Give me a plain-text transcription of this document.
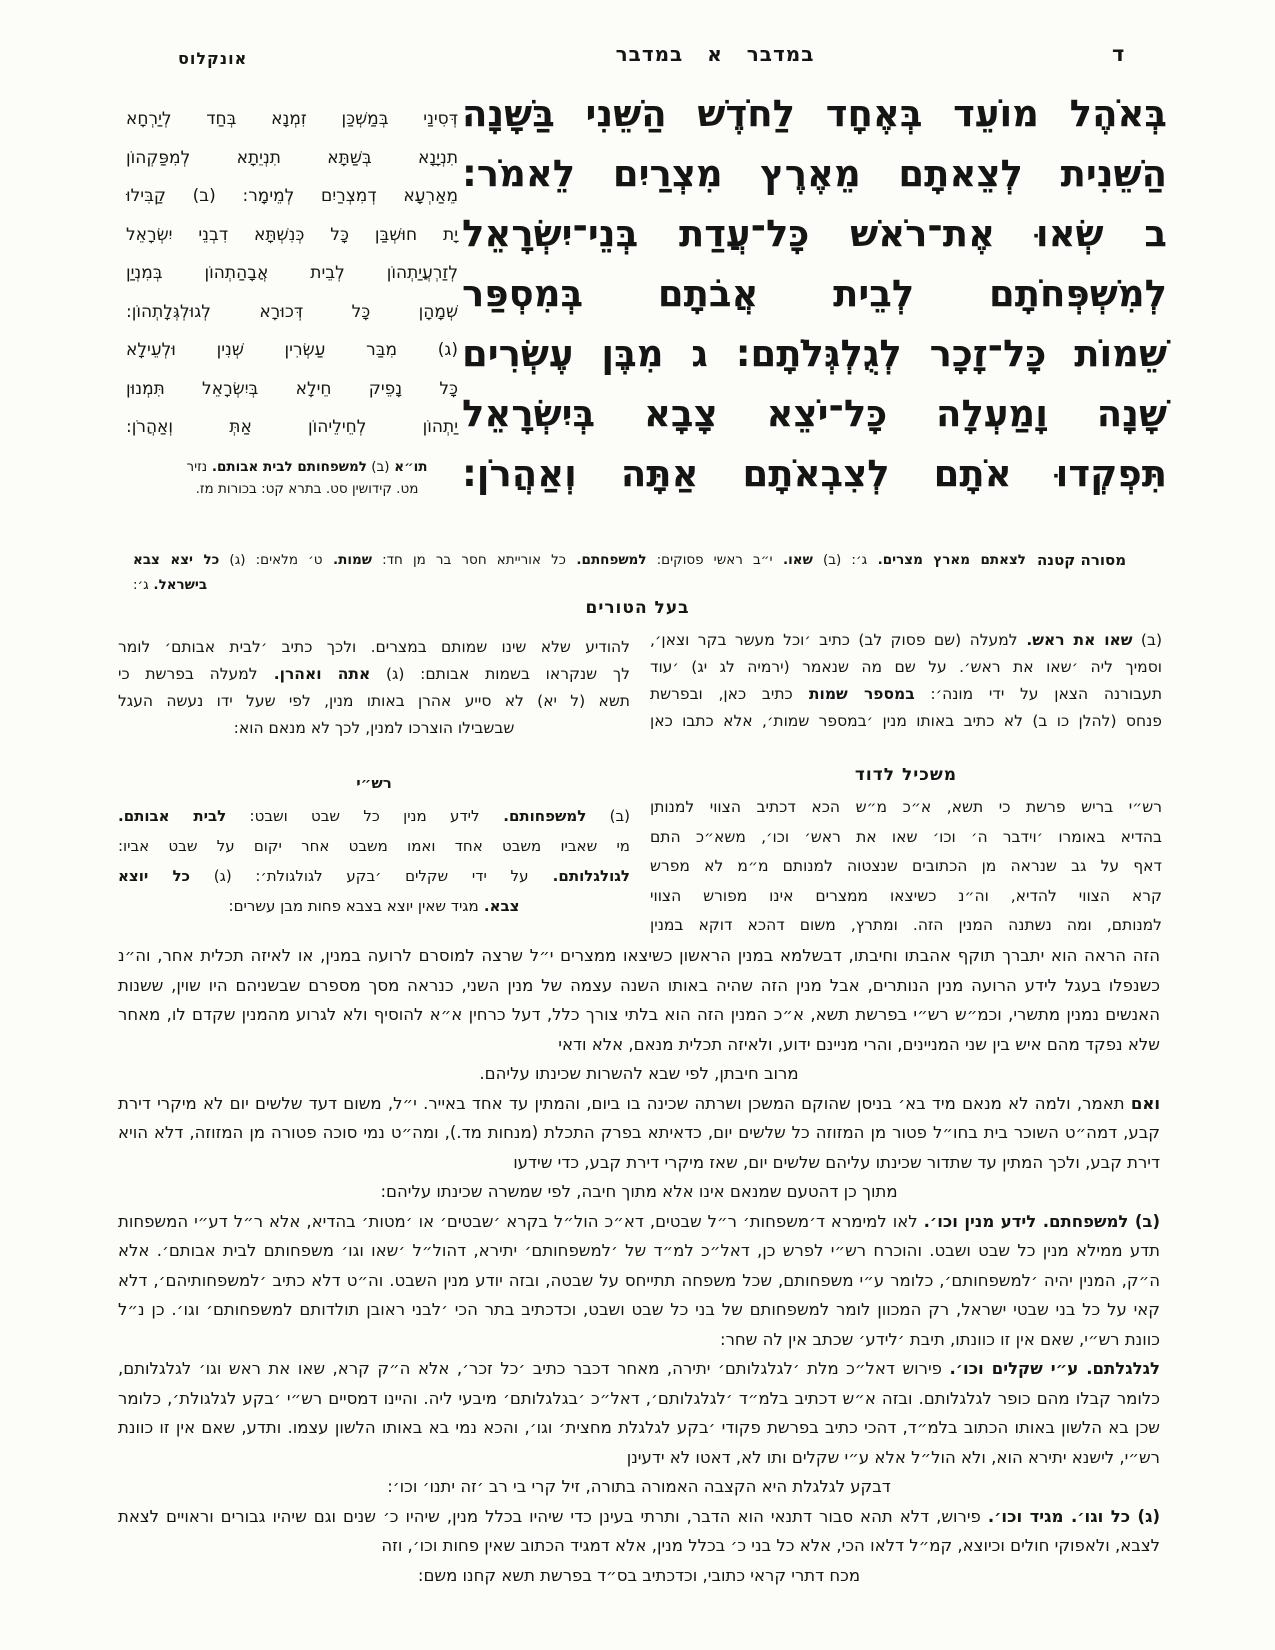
ד
במדבר א במדבר
אונקלוס
בְּאֹהֶל מוֹעֵד בְּאֶחָד לַחֹדֶשׁ הַשֵּׁנִי בַּשָּׁנָה
הַשֵּׁנִית לְצֵאתָם מֵאֶרֶץ מִצְרַיִם לֵאמֹר:
ב שְׂאוּ אֶת־רֹאשׁ כָּל־עֲדַת בְּנֵי־יִשְׂרָאֵל
לְמִשְׁפְּחֹתָם לְבֵית אֲבֹתָם בְּמִסְפַּר
שֵׁמוֹת כָּל־זָכָר לְגֻלְגְּלֹתָם: ג מִבֶּן עֶשְׂרִים
שָׁנָה וָמַעְלָה כָּל־יֹצֵא צָבָא בְּיִשְׂרָאֵל
תִּפְקְדוּ אֹתָם לְצִבְאֹתָם אַתָּה וְאַהֲרֹן:
דְּסִינַי בְּמַשְׁכַּן זִמְנָא בְּחַד לְיַרְחָא
תִנְיָנָא בְּשַׁתָּא תִנְיֵתָא לְמִפַּקְהוֹן
מֵאַרְעָא דְמִצְרַיִם לְמֵימָר: (ב) קַבִּילוּ
יָת חוּשְׁבַּן כָּל כְּנִשְׁתָּא דִבְנֵי יִשְׂרָאֵל
לְזַרְעֲיַתְהוֹן לְבֵית אֲבָהַתְהוֹן בְּמִנְיַן
שְׁמָהָן כָּל דְּכוּרָא לְגוּלְגְּלָתְהוֹן:
(ג) מִבַּר עַשְׂרִין שְׁנִין וּלְעֵילָא
כָּל נָפֵיק חֵילָא בְּיִשְׂרָאֵל תִּמְנוּן
יַתְהוֹן לְחֵילֵיהוֹן אַתְּ וְאַהֲרֹן:
תו״א (ב) למשפחותם לבית אבותם. נזיר
מט. קידושין סט. בתרא קט: בכורות מז.
מסורה קטנה
לצאתם מארץ מצרים. ג׳: (ב) שאו. י״ב ראשי פסוקים: למשפחתם. כל אורייתא חסר בר מן חד: שמות. ט׳ מלאים: (ג) כל יצא צבא
בישראל. ג׳:
בעל הטורים
(ב) שאו את ראש. למעלה (שם פסוק לב) כתיב ׳וכל מעשר בקר וצאן׳,
וסמיך ליה ׳שאו את ראש׳. על שם מה שנאמר (ירמיה לג יג) ׳עוד
תעבורנה הצאן על ידי מונה׳: במספר שמות כתיב כאן, ובפרשת
פנחס (להלן כו ב) לא כתיב באותו מנין ׳במספר שמות׳, אלא כתבו כאן
להודיע שלא שינו שמותם במצרים. ולכך כתיב ׳לבית אבותם׳ לומר
לך שנקראו בשמות אבותם: (ג) אתה ואהרן. למעלה בפרשת כי
תשא (ל יא) לא סייע אהרן באותו מנין, לפי שעל ידו נעשה העגל
שבשבילו הוצרכו למנין, לכך לא מנאם הוא:
משכיל לדוד
רש״י בריש פרשת כי תשא, א״כ מ״ש הכא דכתיב הצווי למנותן
בהדיא באומרו ׳וידבר ה׳ וכו׳ שאו את ראש׳ וכו׳, משא״כ התם
דאף על גב שנראה מן הכתובים שנצטוה למנותם מ״מ לא מפרש
קרא הצווי להדיא, וה״נ כשיצאו ממצרים אינו מפורש הצווי
למנותם, ומה נשתנה המנין הזה. ומתרץ, משום דהכא דוקא במנין
רש״י
(ב) למשפחותם. לידע מנין כל שבט ושבט: לבית אבותם.
מי שאביו משבט אחד ואמו משבט אחר יקום על שבט אביו:
לגולגלותם. על ידי שקלים ׳בקע לגולגולת׳: (ג) כל יוצא
צבא. מגיד שאין יוצא בצבא פחות מבן עשרים:

הזה הראה הוא יתברך תוקף אהבתו וחיבתו, דבשלמא במנין הראשון כשיצאו ממצרים י״ל שרצה למוסרם לרועה במנין, או לאיזה תכלית אחר, וה״נ כשנפלו בעגל לידע הרועה מנין הנותרים, אבל מנין הזה שהיה באותו השנה עצמה של מנין השני, כנראה מסך מספרם שבשניהם היו שוין, ששנות האנשים נמנין מתשרי, וכמ״ש רש״י בפרשת תשא, א״כ המנין הזה הוא בלתי צורך כלל, דעל כרחין א״א להוסיף ולא לגרוע מהמנין שקדם לו, מאחר שלא נפקד מהם איש בין שני המניינים, והרי מניינם ידוע, ולאיזה תכלית מנאם, אלא ודאי

מרוב חיבתן, לפי שבא להשרות שכינתו עליהם.

ואם תאמר, ולמה לא מנאם מיד בא׳ בניסן שהוקם המשכן ושרתה שכינה בו ביום, והמתין עד אחד באייר. י״ל, משום דעד שלשים יום לא מיקרי דירת קבע, דמה״ט השוכר בית בחו״ל פטור מן המזוזה כל שלשים יום, כדאיתא בפרק התכלת (מנחות מד.), ומה״ט נמי סוכה פטורה מן המזוזה, דלא הויא דירת קבע, ולכך המתין עד שתדור שכינתו עליהם שלשים יום, שאז מיקרי דירת קבע, כדי שידעו

מתוך כן דהטעם שמנאם אינו אלא מתוך חיבה, לפי שמשרה שכינתו עליהם:

(ב) למשפחתם. לידע מנין וכו׳. לאו למימרא ד׳משפחות׳ ר״ל שבטים, דא״כ הול״ל בקרא ׳שבטים׳ או ׳מטות׳ בהדיא, אלא ר״ל דע״י המשפחות תדע ממילא מנין כל שבט ושבט. והוכרח רש״י לפרש כן, דאל״כ למ״ד של ׳למשפחותם׳ יתירא, דהול״ל ׳שאו וגו׳ משפחותם לבית אבותם׳. אלא ה״ק, המנין יהיה ׳למשפחותם׳, כלומר ע״י משפחותם, שכל משפחה תתייחס על שבטה, ובזה יודע מנין השבט. וה״ט דלא כתיב ׳למשפחותיהם׳, דלא קאי על כל בני שבטי ישראל, רק המכוון לומר למשפחותם של בני כל שבט ושבט, וכדכתיב בתר הכי ׳לבני ראובן תולדותם למשפחותם׳ וגו׳. כן נ״ל כוונת רש״י, שאם אין זו כוונתו, תיבת ׳לידע׳ שכתב אין לה שחר:

לגלגלתם. ע״י שקלים וכו׳. פירוש דאל״כ מלת ׳לגלגלותם׳ יתירה, מאחר דכבר כתיב ׳כל זכר׳, אלא ה״ק קרא, שאו את ראש וגו׳ לגלגלותם, כלומר קבלו מהם כופר לגלגלותם. ובזה א״ש דכתיב בלמ״ד ׳לגלגלותם׳, דאל״כ ׳בגלגלותם׳ מיבעי ליה. והיינו דמסיים רש״י ׳בקע לגלגולת׳, כלומר שכן בא הלשון באותו הכתוב בלמ״ד, דהכי כתיב בפרשת פקודי ׳בקע לגלגלת מחצית׳ וגו׳, והכא נמי בא באותו הלשון עצמו. ותדע, שאם אין זו כוונת רש״י, לישנא יתירא הוא, ולא הול״ל אלא ע״י שקלים ותו לא, דאטו לא ידעינן

דבקע לגלגלת היא הקצבה האמורה בתורה, זיל קרי בי רב ׳זה יתנו׳ וכו׳:

(ג) כל וגו׳. מגיד וכו׳. פירוש, דלא תהא סבור דתנאי הוא הדבר, ותרתי בעינן כדי שיהיו בכלל מנין, שיהיו כ׳ שנים וגם שיהיו גבורים וראויים לצאת לצבא, ולאפוקי חולים וכיוצא, קמ״ל דלאו הכי, אלא כל בני כ׳ בכלל מנין, אלא דמגיד הכתוב שאין פחות וכו׳, וזה

מכח דתרי קראי כתובי, וכדכתיב בס״ד בפרשת תשא קחנו משם:
